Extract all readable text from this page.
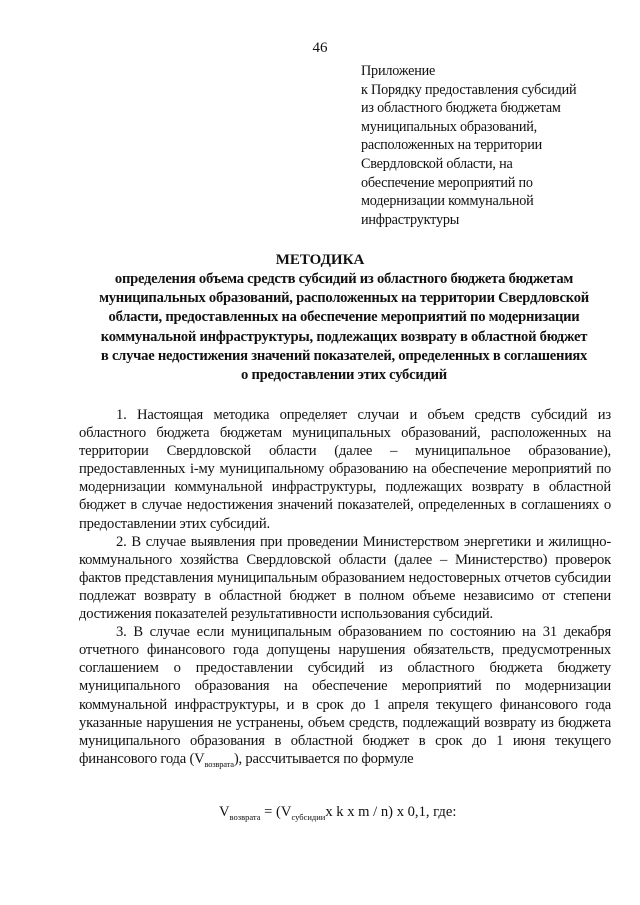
46
Приложение
к Порядку предоставления субсидий
из областного бюджета бюджетам
муниципальных образований,
расположенных на территории
Свердловской области, на
обеспечение мероприятий по
модернизации коммунальной
инфраструктуры
МЕТОДИКА
определения объема средств субсидий из областного бюджета бюджетам
муниципальных образований, расположенных на территории Свердловской
области, предоставленных на обеспечение мероприятий по модернизации
коммунальной инфраструктуры, подлежащих возврату в областной бюджет
в случае недостижения значений показателей, определенных в соглашениях
о предоставлении этих субсидий

1. Настоящая методика определяет случаи и объем средств субсидий из областного бюджета бюджетам муниципальных образований, расположенных на территории Свердловской области (далее – муниципальное образование), предоставленных i-му муниципальному образованию на обеспечение мероприятий по модернизации коммунальной инфраструктуры, подлежащих возврату в областной бюджет в случае недостижения значений показателей, определенных в соглашениях о предоставлении этих субсидий.

2. В случае выявления при проведении Министерством энергетики и жилищно-коммунального хозяйства Свердловской области (далее – Министерство) проверок фактов представления муниципальным образованием недостоверных отчетов субсидии подлежат возврату в областной бюджет в полном объеме независимо от степени достижения показателей результативности использования субсидий.

3. В случае если муниципальным образованием по состоянию на 31 декабря отчетного финансового года допущены нарушения обязательств, предусмотренных соглашением о предоставлении субсидий из областного бюджета бюджету муниципального образования на обеспечение мероприятий по модернизации коммунальной инфраструктуры, и в срок до 1 апреля текущего финансового года указанные нарушения не устранены, объем средств, подлежащий возврату из бюджета муниципального образования в областной бюджет в срок до 1 июня текущего финансового года $(V_{возврата})$, рассчитывается по формуле

$V_{возврата} = (V_{субсидии}x$ k x m / n) x 0,1, где:
